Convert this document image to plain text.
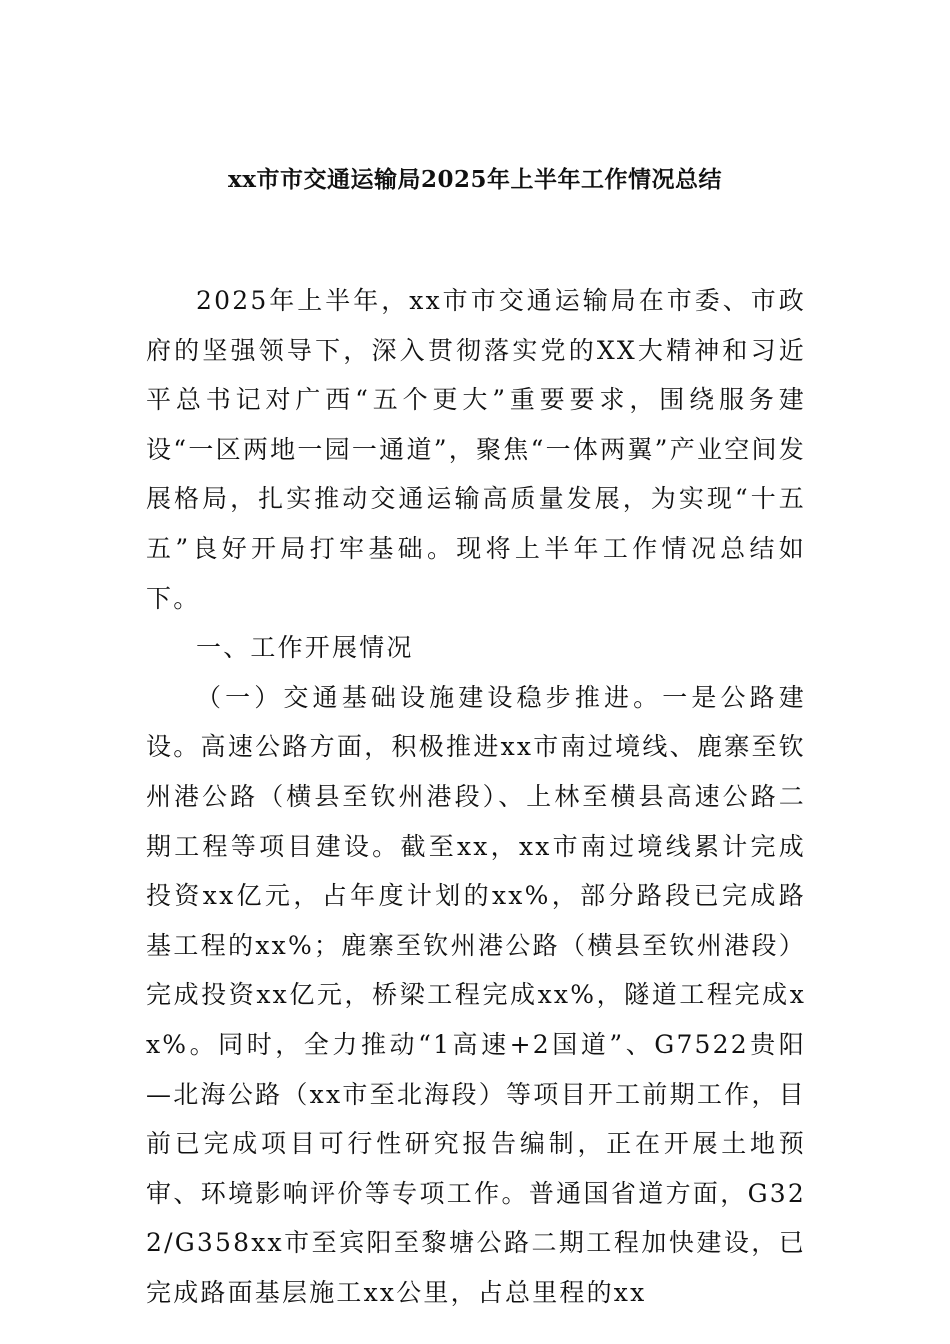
xx市市交通运输局2025年上半年工作情况总结

2025年上半年，xx市市交通运输局在市委、市政府的坚强领导下，深入贯彻落实党的XX大精神和习近平总书记对广西“五个更大”重要要求，围绕服务建设“一区两地一园一通道”，聚焦“一体两翼”产业空间发展格局，扎实推动交通运输高质量发展，为实现“十五五”良好开局打牢基础。现将上半年工作情况总结如下。

一、工作开展情况

（一）交通基础设施建设稳步推进。一是公路建设。高速公路方面，积极推进xx市南过境线、鹿寨至钦州港公路（横县至钦州港段）、上林至横县高速公路二期工程等项目建设。截至xx，xx市南过境线累计完成投资xx亿元，占年度计划的xx%，部分路段已完成路基工程的xx%；鹿寨至钦州港公路（横县至钦州港段）完成投资xx亿元，桥梁工程完成xx%，隧道工程完成xx%。同时，全力推动“1高速+2国道”、G7522贵阳—北海公路（xx市至北海段）等项目开工前期工作，目前已完成项目可行性研究报告编制，正在开展土地预审、环境影响评价等专项工作。普通国省道方面，G322/G358xx市至宾阳至黎塘公路二期工程加快建设，已完成路面基层施工xx公里，占总里程的xx
